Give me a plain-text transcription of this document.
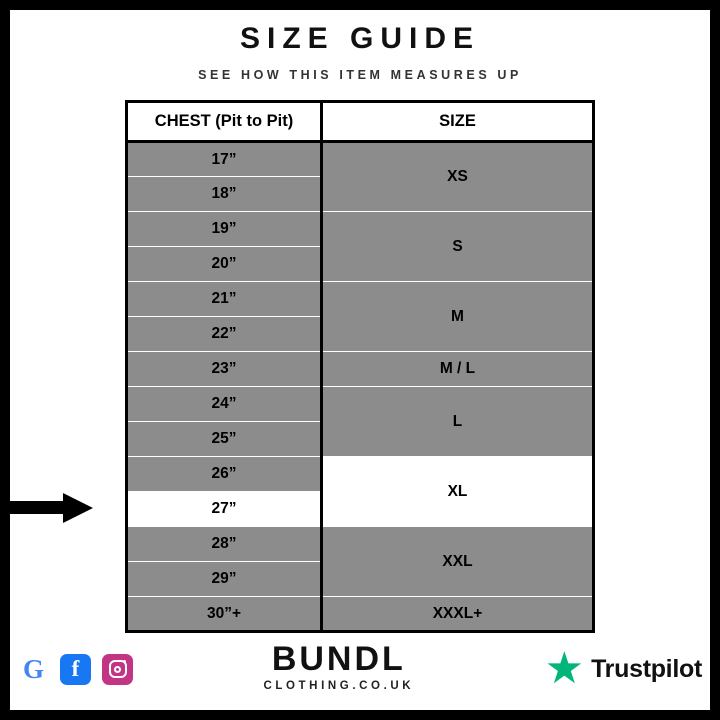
SIZE GUIDE
SEE HOW THIS ITEM MEASURES UP
CHEST (Pit to Pit)	SIZE
17”	XS
18”	
19”	S
20”	
21”	M
22”	
23”	M / L
24”	L
25”	
26”	XL
27”	
28”	XXL
29”	
30”+	XXXL+
G f	BUNDL
CLOTHING.CO.UK	★ Trustpilot
